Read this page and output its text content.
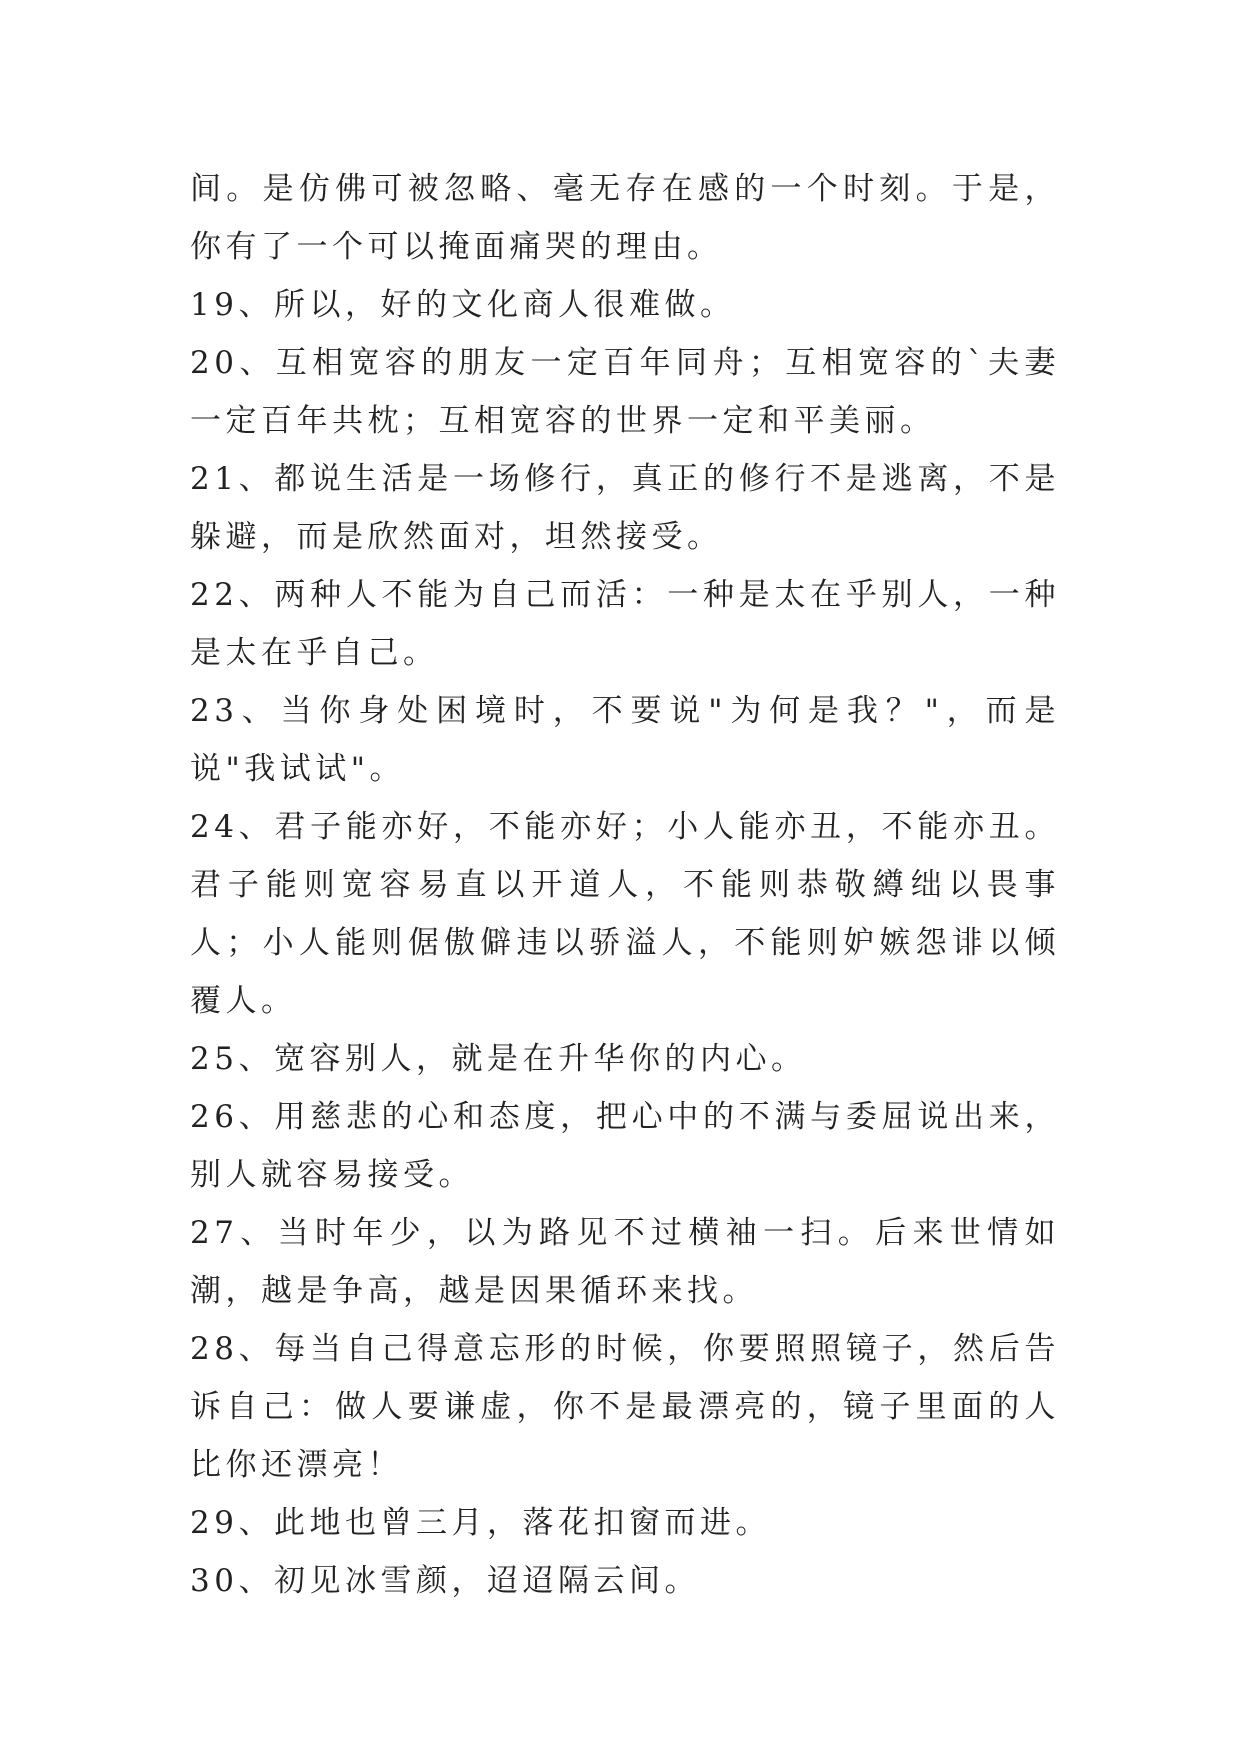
间。是仿佛可被忽略、毫无存在感的一个时刻。于是，你有了一个可以掩面痛哭的理由。

19、所以，好的文化商人很难做。

20、互相宽容的朋友一定百年同舟；互相宽容的`夫妻一定百年共枕；互相宽容的世界一定和平美丽。

21、都说生活是一场修行，真正的修行不是逃离，不是躲避，而是欣然面对，坦然接受。

22、两种人不能为自己而活：一种是太在乎别人，一种是太在乎自己。

23、当你身处困境时，不要说"为何是我？"，而是说"我试试"。

24、君子能亦好，不能亦好；小人能亦丑，不能亦丑。君子能则宽容易直以开道人，不能则恭敬繜绌以畏事人；小人能则倨傲僻违以骄溢人，不能则妒嫉怨诽以倾覆人。

25、宽容别人，就是在升华你的内心。

26、用慈悲的心和态度，把心中的不满与委屈说出来，别人就容易接受。

27、当时年少，以为路见不过横袖一扫。后来世情如潮，越是争高，越是因果循环来找。

28、每当自己得意忘形的时候，你要照照镜子，然后告诉自己：做人要谦虚，你不是最漂亮的，镜子里面的人比你还漂亮！

29、此地也曾三月，落花扣窗而进。

30、初见冰雪颜，迢迢隔云间。
